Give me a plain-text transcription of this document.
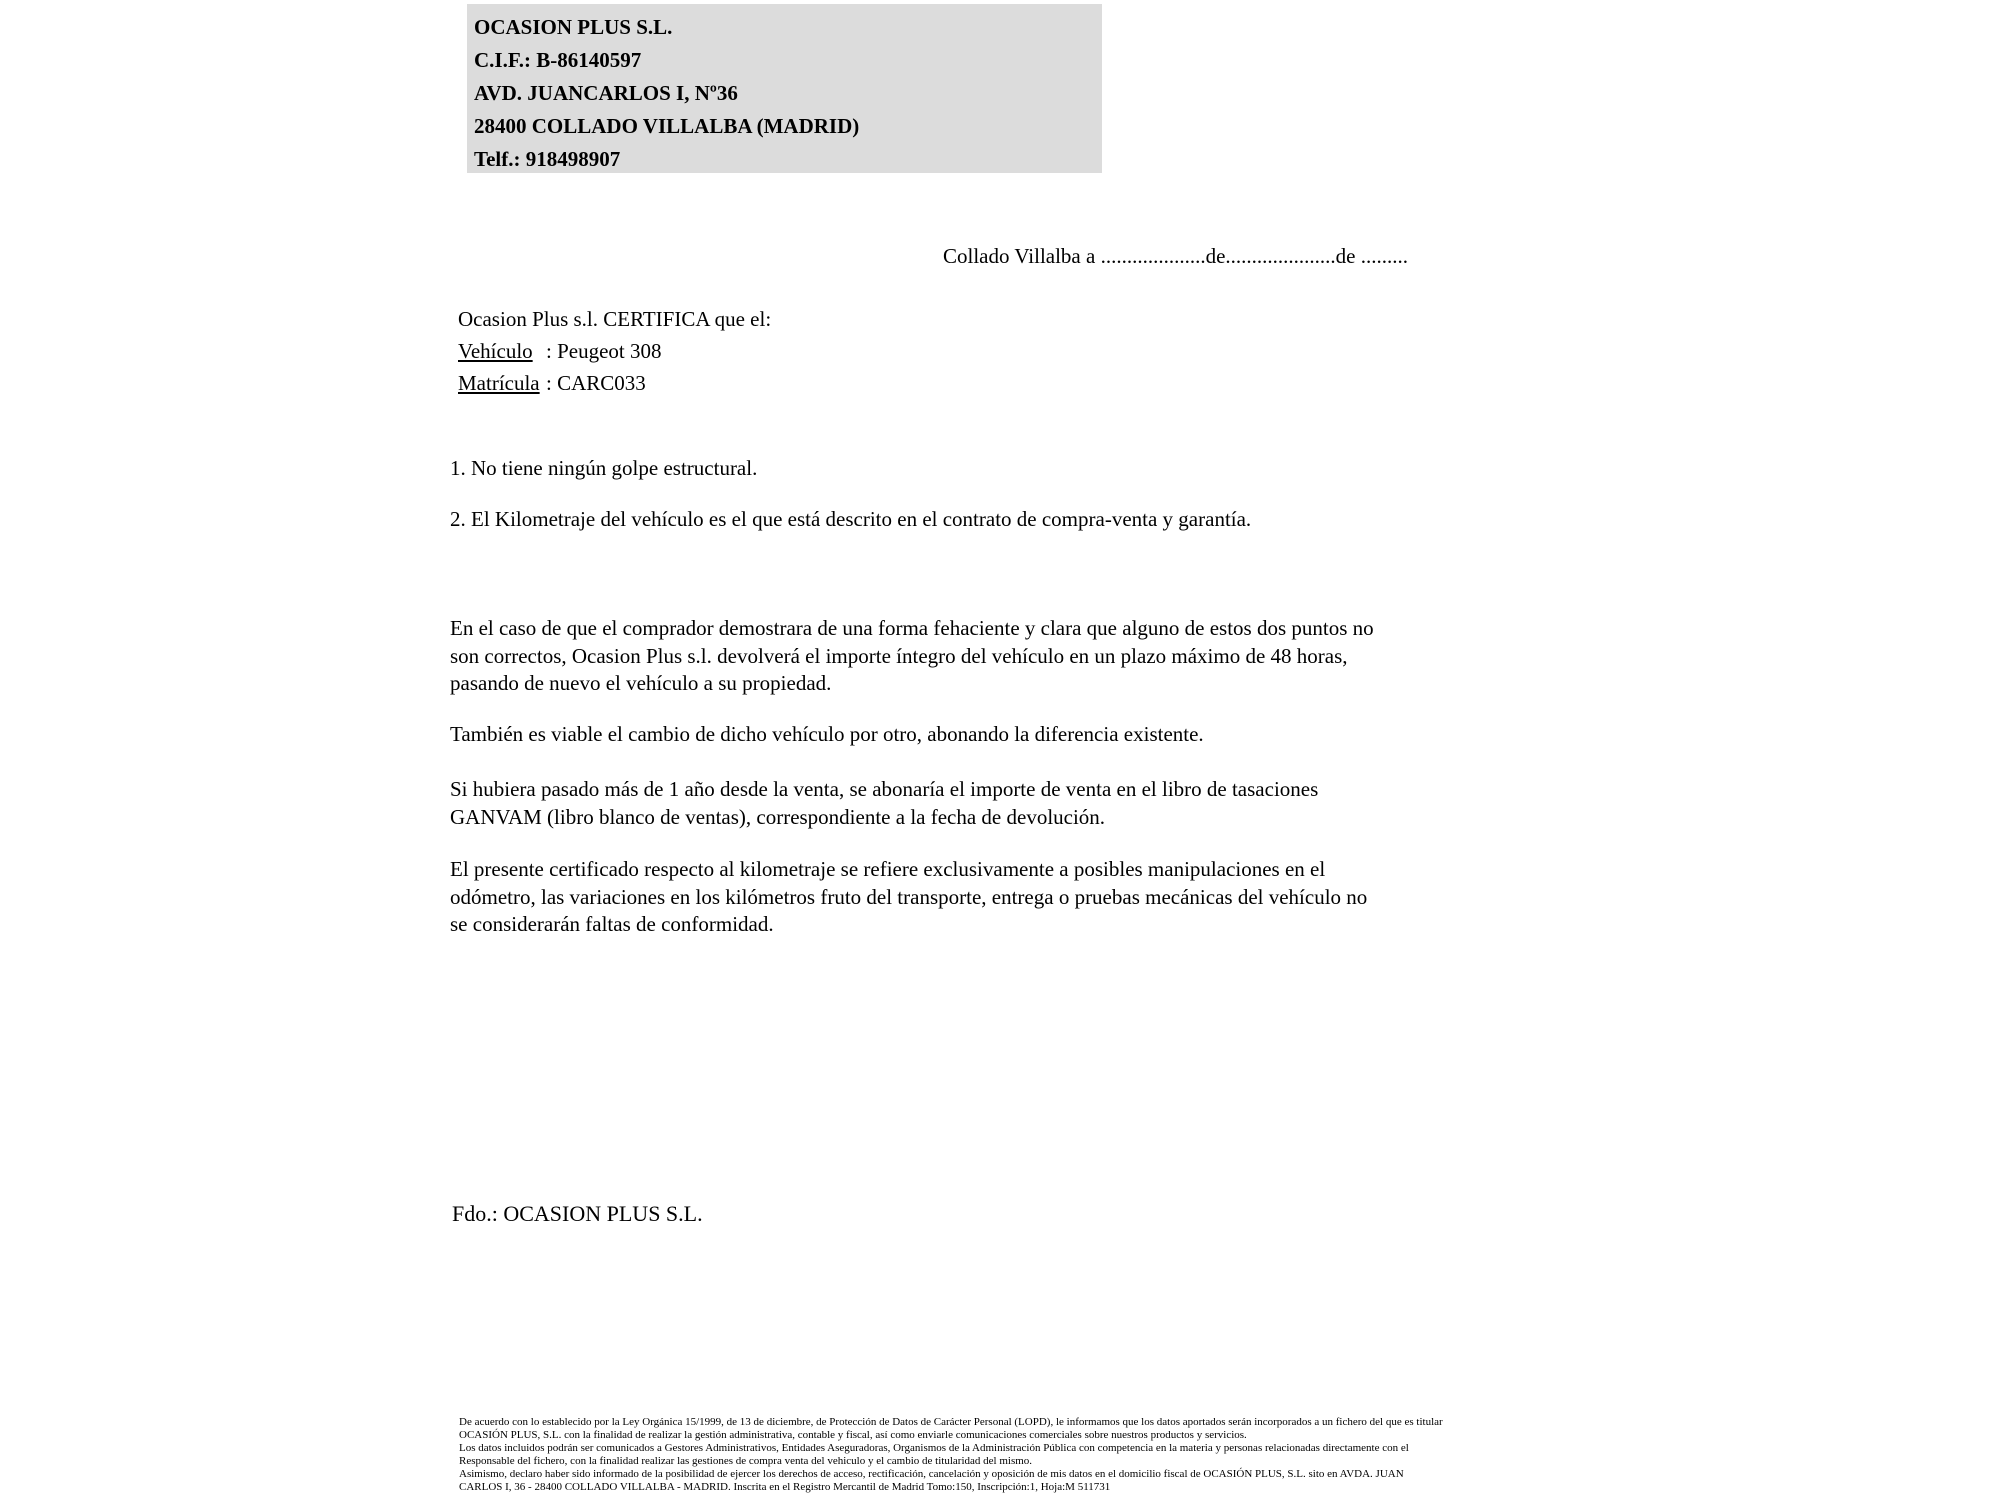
OCASION PLUS S.L.
C.I.F.: B-86140597
AVD. JUANCARLOS I, Nº36
28400 COLLADO VILLALBA (MADRID)
Telf.: 918498907
Collado Villalba a ....................de.....................de .........
Ocasion Plus s.l. CERTIFICA que el:
Vehículo : Peugeot 308
Matrícula : CARC033
1. No tiene ningún golpe estructural.
2. El Kilometraje del vehículo es el que está descrito en el contrato de compra-venta y garantía.
En el caso de que el comprador demostrara de una forma fehaciente y clara que alguno de estos dos puntos no
son correctos, Ocasion Plus s.l. devolverá el importe íntegro del vehículo en un plazo máximo de 48 horas,
pasando de nuevo el vehículo a su propiedad.
También es viable el cambio de dicho vehículo por otro, abonando la diferencia existente.
Si hubiera pasado más de 1 año desde la venta, se abonaría el importe de venta en el libro de tasaciones
GANVAM (libro blanco de ventas), correspondiente a la fecha de devolución.
El presente certificado respecto al kilometraje se refiere exclusivamente a posibles manipulaciones en el
odómetro, las variaciones en los kilómetros fruto del transporte, entrega o pruebas mecánicas del vehículo no
se considerarán faltas de conformidad.
Fdo.: OCASION PLUS S.L.
De acuerdo con lo establecido por la Ley Orgánica 15/1999, de 13 de diciembre, de Protección de Datos de Carácter Personal (LOPD), le informamos que los datos aportados serán incorporados a un fichero del que es titular
OCASIÓN PLUS, S.L. con la finalidad de realizar la gestión administrativa, contable y fiscal, así como enviarle comunicaciones comerciales sobre nuestros productos y servicios.
Los datos incluidos podrán ser comunicados a Gestores Administrativos, Entidades Aseguradoras, Organismos de la Administración Pública con competencia en la materia y personas relacionadas directamente con el
Responsable del fichero, con la finalidad realizar las gestiones de compra venta del vehiculo y el cambio de titularidad del mismo.
Asimismo, declaro haber sido informado de la posibilidad de ejercer los derechos de acceso, rectificación, cancelación y oposición de mis datos en el domicilio fiscal de OCASIÓN PLUS, S.L. sito en AVDA. JUAN
CARLOS I, 36 - 28400 COLLADO VILLALBA - MADRID. Inscrita en el Registro Mercantil de Madrid Tomo:150, Inscripción:1, Hoja:M 511731
